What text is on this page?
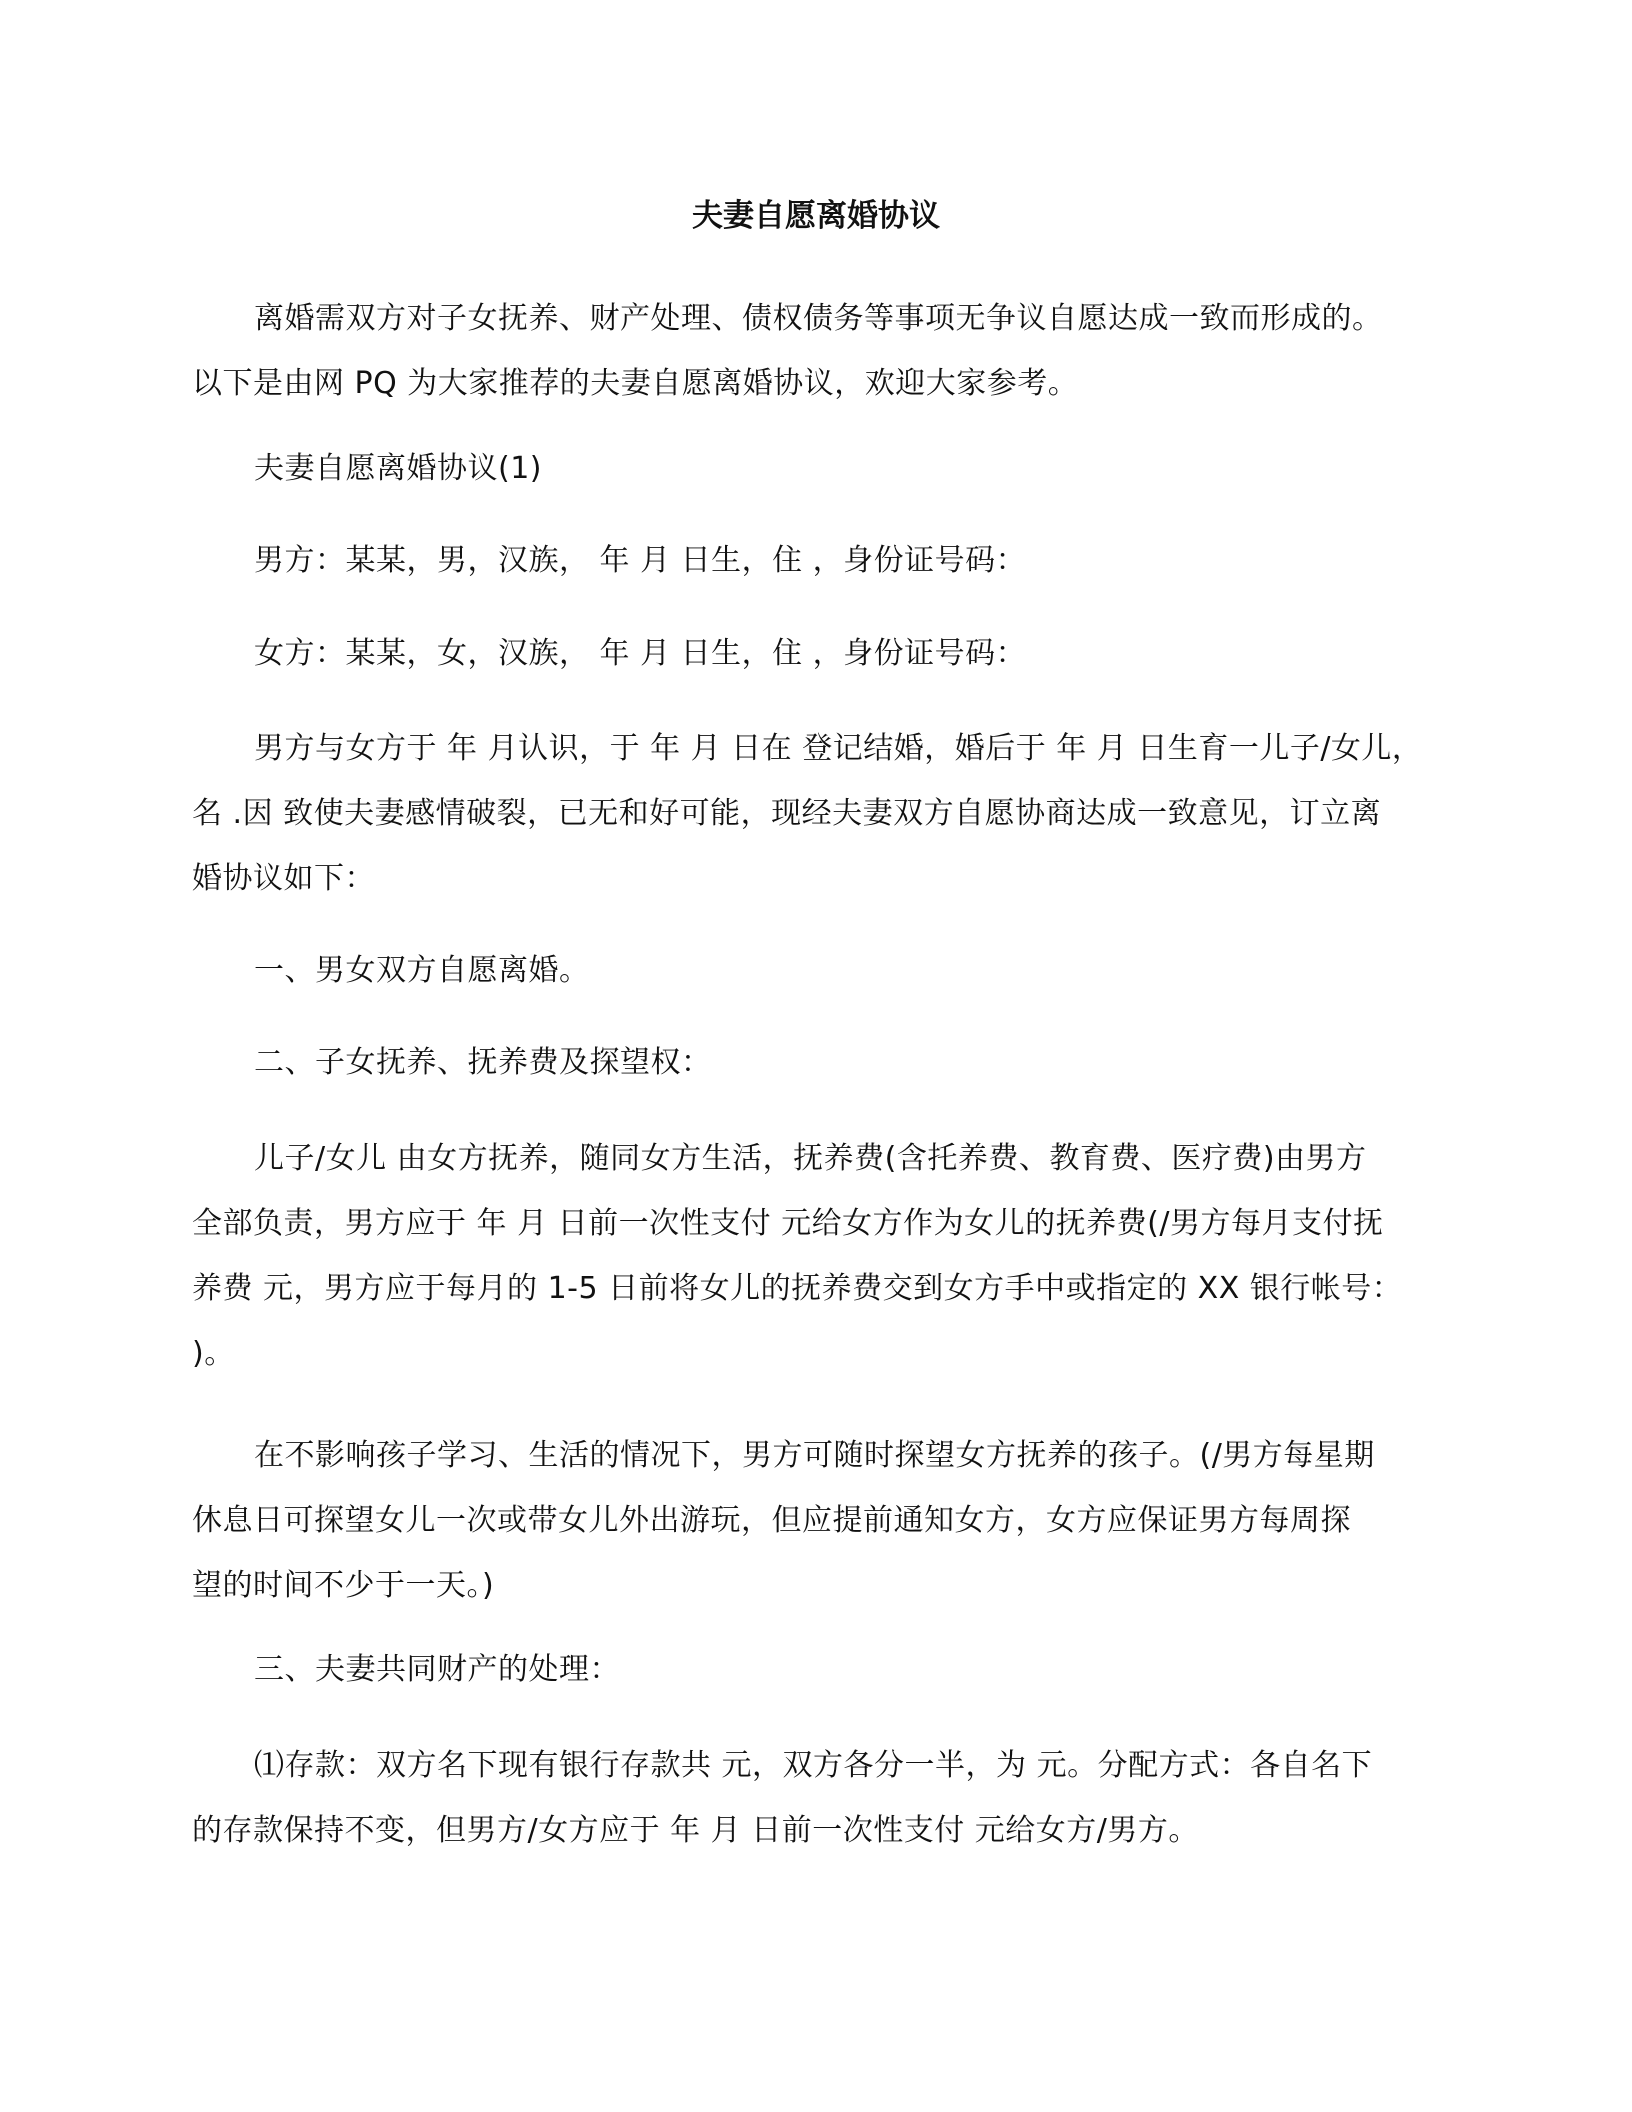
夫妻自愿离婚协议
离婚需双方对子女抚养、财产处理、债权债务等事项无争议自愿达成一致而形成的。
以下是由网 PQ 为大家推荐的夫妻自愿离婚协议，欢迎大家参考。

夫妻自愿离婚协议(1)

男方：某某，男，汉族， 年 月 日生，住 ，身份证号码：

女方：某某，女，汉族， 年 月 日生，住 ，身份证号码：

男方与女方于 年 月认识，于 年 月 日在 登记结婚，婚后于 年 月 日生育一儿子/女儿，
名 .因 致使夫妻感情破裂，已无和好可能，现经夫妻双方自愿协商达成一致意见，订立离
婚协议如下：

一、男女双方自愿离婚。

二、子女抚养、抚养费及探望权：

儿子/女儿 由女方抚养，随同女方生活，抚养费(含托养费、教育费、医疗费)由男方
全部负责，男方应于 年 月 日前一次性支付 元给女方作为女儿的抚养费(/男方每月支付抚
养费 元，男方应于每月的 1-5 日前将女儿的抚养费交到女方手中或指定的 XX 银行帐号：
)。
在不影响孩子学习、生活的情况下，男方可随时探望女方抚养的孩子。(/男方每星期
休息日可探望女儿一次或带女儿外出游玩，但应提前通知女方，女方应保证男方每周探
望的时间不少于一天。)

三、夫妻共同财产的处理：

⑴存款：双方名下现有银行存款共 元，双方各分一半，为 元。分配方式：各自名下
的存款保持不变，但男方/女方应于 年 月 日前一次性支付 元给女方/男方。
